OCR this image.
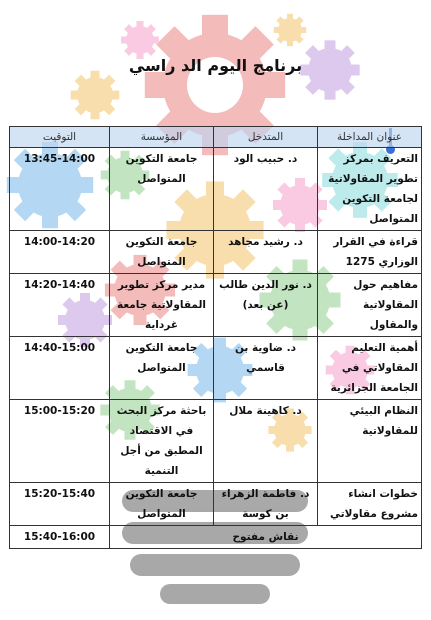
برنامج اليوم الد راسي
عنوان المداخلة	المتدخل	المؤسسة	التوقيت
التعريف بمركز تطوير المقاولاتية لجامعة التكوين المتواصل	د. حبيب الود	جامعة التكوين المتواصل	13:45-14:00
قراءة في القرار الوزاري 1275	د. رشيد مجاهد	جامعة التكوين المتواصل	14:00-14:20
مفاهيم حول المقاولاتية والمقاول	د. نور الدين طالب (عن بعد)	مدير مركز تطوير المقاولاتية جامعة غرداية	14:20-14:40
أهمية التعليم المقاولاتي في الجامعة الجزائرية	د. ضاوية بن قاسمي	جامعة التكوين المتواصل	14:40-15:00
النظام البيئي للمقاولاتية	د. كاهينة ملال	باحثة مركز البحث في الاقتصاد المطبق من أجل التنمية	15:00-15:20
خطوات انشاء مشروع مقاولاتي	د. فاطمة الزهراء بن كوسة	جامعة التكوين المتواصل	15:20-15:40
نقاش مفتوح			15:40-16:00
